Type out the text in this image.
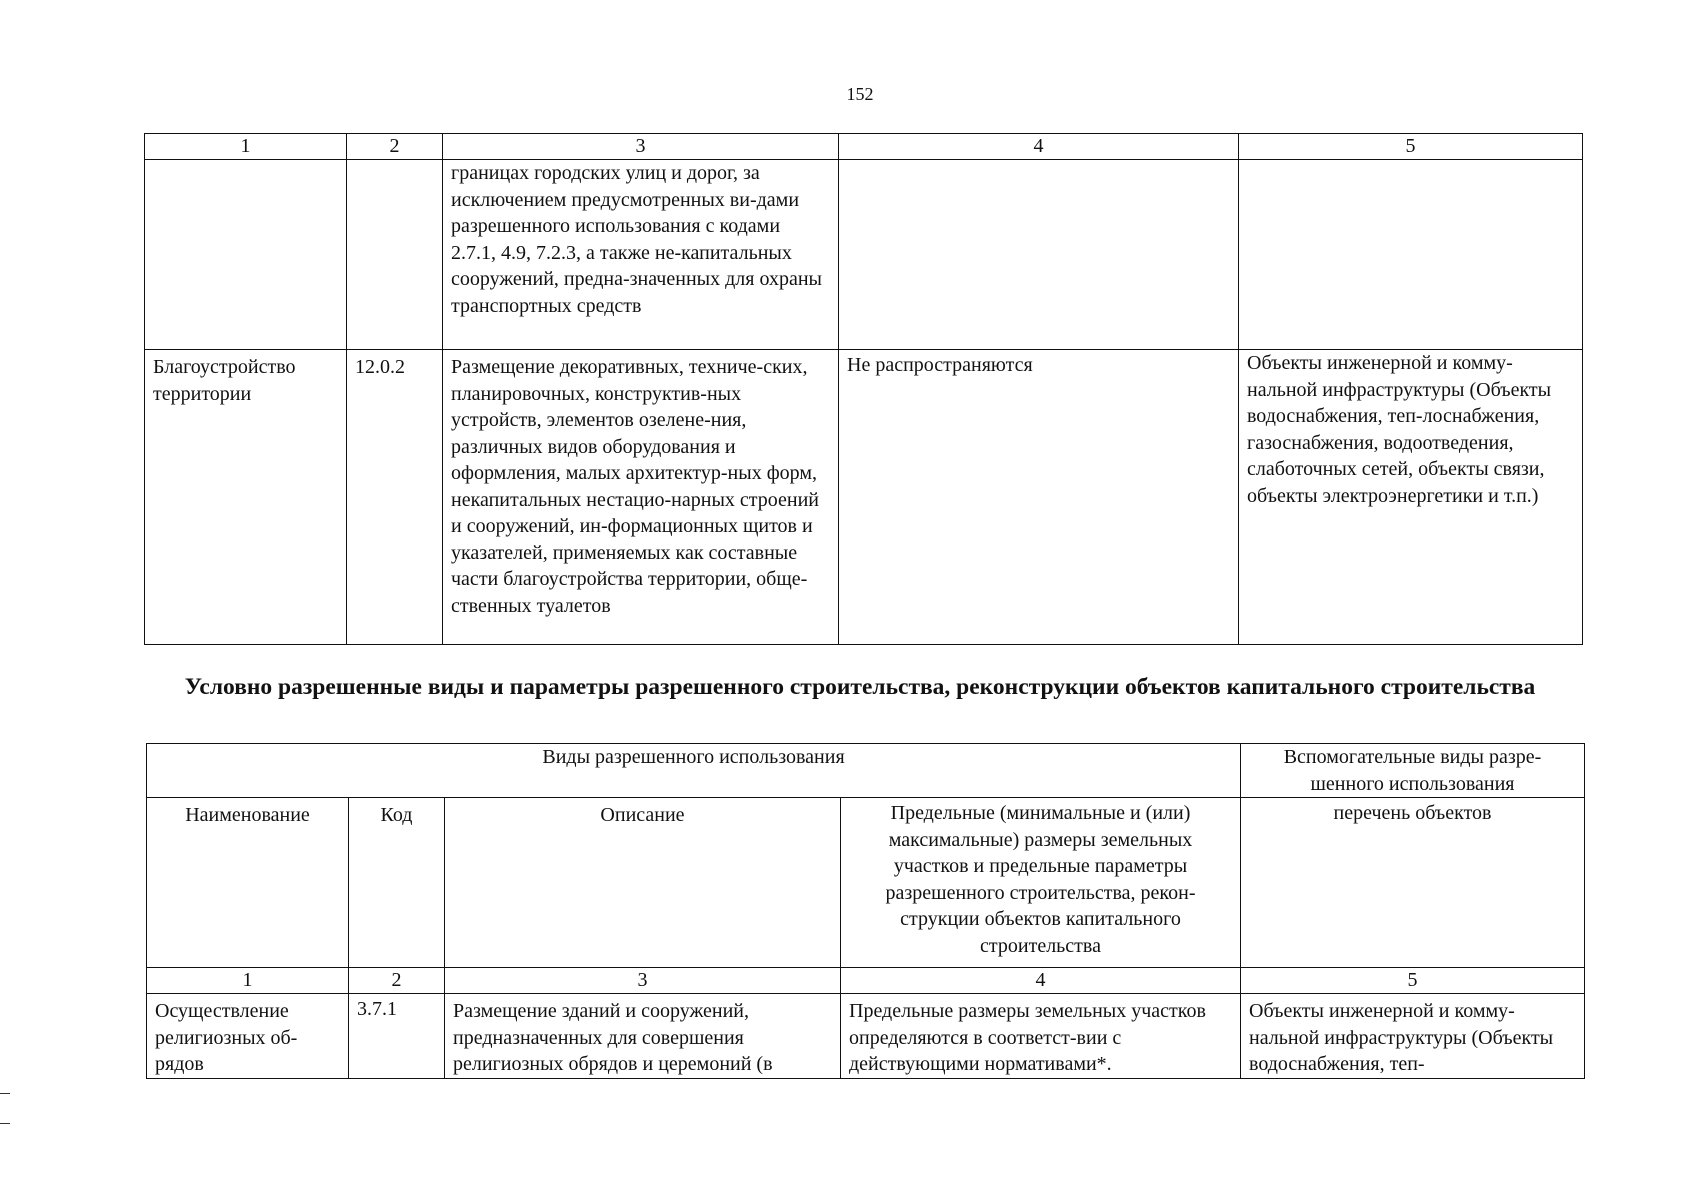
152
1	2	3	4	5
		границах городских улиц и дорог, за исключением предусмотренных ви-дами разрешенного использования с кодами 2.7.1, 4.9, 7.2.3, а также не-капитальных сооружений, предна-значенных для охраны транспортных средств		
Благоустройство территории	12.0.2	Размещение декоративных, техниче-ских, планировочных, конструктив-ных устройств, элементов озелене-ния, различных видов оборудования и оформления, малых архитектур-ных форм, некапитальных нестацио-нарных строений и сооружений, ин-формационных щитов и указателей, применяемых как составные части благоустройства территории, обще-ственных туалетов	Не распространяются	Объекты инженерной и комму-нальной инфраструктуры (Объекты водоснабжения, теп-лоснабжения, газоснабжения, водоотведения, слаботочных сетей, объекты связи, объекты электроэнергетики и т.п.)
Условно разрешенные виды и параметры разрешенного строительства, реконструкции объектов капитального строительства
Виды разрешенного использования				Вспомогательные виды разре-шенного использования
Наименование	Код	Описание	Предельные (минимальные и (или) максимальные) размеры земельных участков и предельные параметры разрешенного строительства, рекон-струкции объектов капитального строительства	перечень объектов
1	2	3	4	5
Осуществление религиозных об-рядов	3.7.1	Размещение зданий и сооружений, предназначенных для совершения религиозных обрядов и церемоний (в	Предельные размеры земельных участков определяются в соответст-вии с действующими нормативами*.	Объекты инженерной и комму-нальной инфраструктуры (Объекты водоснабжения, теп-
